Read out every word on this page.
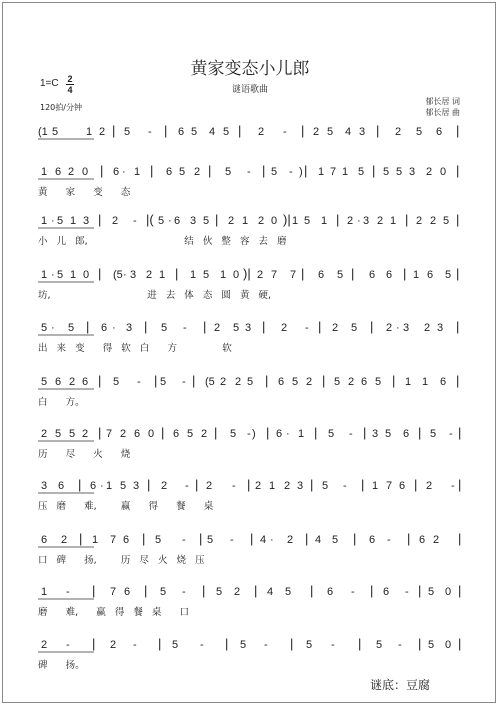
黄家变态小儿郎
谜语歌曲
1=C 2
4
120拍/分钟
郁长居 词
郁长居 曲
(1 5	1 2 | 5 - | 6 5 4 5 | 2 - | 2 5 4 3 | 2 5 6 |
1 6 2 0 | 6 · 1 | 6 5 2 | 5 - | 5 - ) | 1 7 1 5 | 5 5 3 2 0 |
黄      家      变      态
1 · 5 1 3 | 2 - |( 5 · 6 3 5 | 2 1 2 0 )| 1 5 1 | 2 · 3 2 1 | 2 2 5 |
小   儿   郎,                                结   伙   整   容   去   磨
1 · 5 1 0 | (5 · 3 2 1 | 1 5 1 0 )| 2 7 7 | 6 5 | 6 6 | 1 6 5 |
坊,                                进   去   体   态   圆   黄   硬,
5 · 5 | 6 · 3 | 5 - | 2 5 3 | 2 - | 2 5 | 2 · 3 2 3 |
出   来   变      得   软   白      方               软
5 6 2 6 | 5 - | 5 - | (5 2 2 5 | 6 5 2 | 5 2 6 5 | 1 1 6 |
白      方。
2 5 5 2 | 7 2 6 0 | 6 5 2 | 5 - ) | 6 · 1 | 5 - | 3 5 6 | 5 - |
历      尽      火      烧
3 6 | 6 · 1 5 3 | 2 - | 2 - | 2 1 2 3 | 5 - | 1 7 6 | 2 - |
压   磨      难,        赢      得      餐      桌
6 2 | 1 7 6 | 5 - | 5 - | 4 · 2 | 4 5 | 6 - | 6 2 |
口   碑      扬,        历   尽   火   烧   压
1 - | 7 6 | 5 - | 5 2 | 4 5 | 6 - | 6 - | 5 0 |
磨      难,      赢   得   餐   桌      口
2 - | 2 - | 5 - | 5 - | 5 - | 5 - | 5 0 |
碑      扬。
谜底：豆腐
